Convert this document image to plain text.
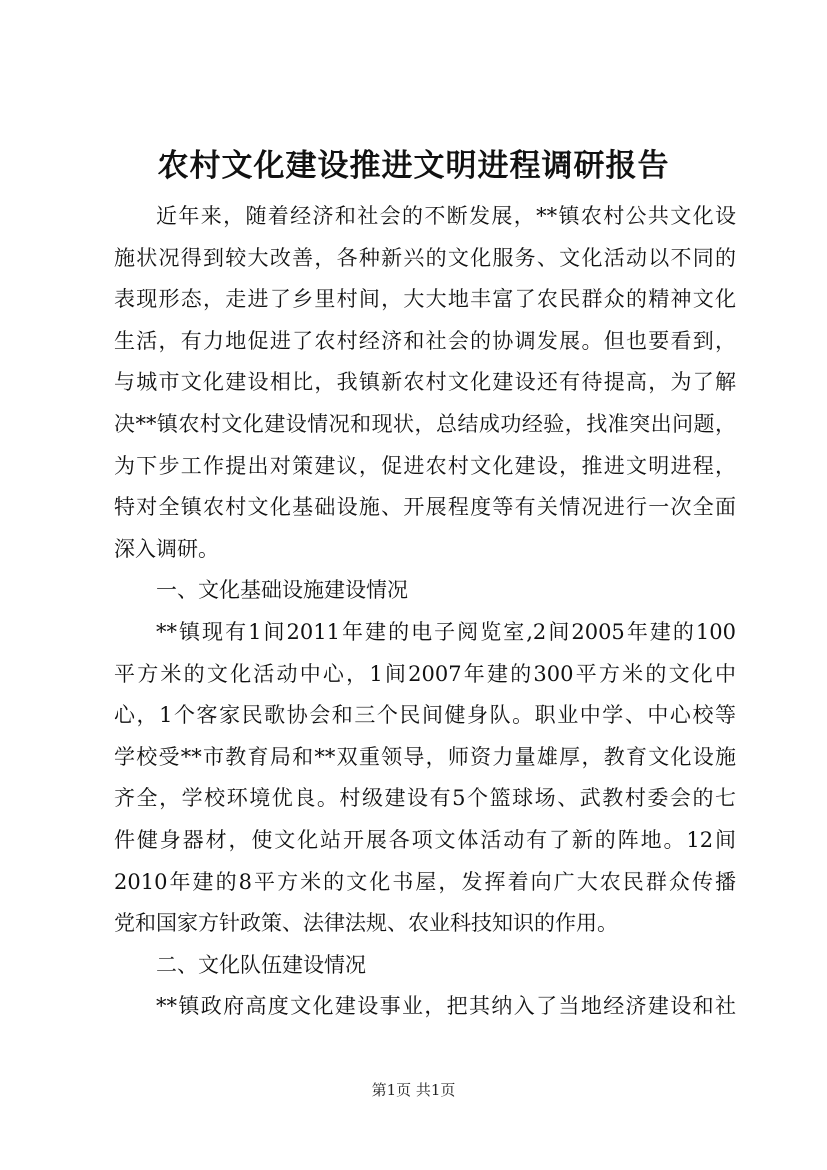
农村文化建设推进文明进程调研报告
近年来，随着经济和社会的不断发展，**镇农村公共文化设
施状况得到较大改善，各种新兴的文化服务、文化活动以不同的
表现形态，走进了乡里村间，大大地丰富了农民群众的精神文化
生活，有力地促进了农村经济和社会的协调发展。但也要看到，
与城市文化建设相比，我镇新农村文化建设还有待提高，为了解
决**镇农村文化建设情况和现状，总结成功经验，找准突出问题，
为下步工作提出对策建议，促进农村文化建设，推进文明进程，
特对全镇农村文化基础设施、开展程度等有关情况进行一次全面
深入调研。
一、文化基础设施建设情况
**镇现有1间2011年建的电子阅览室,2间2005年建的100
平方米的文化活动中心，1间2007年建的300平方米的文化中
心，1个客家民歌协会和三个民间健身队。职业中学、中心校等
学校受**市教育局和**双重领导，师资力量雄厚，教育文化设施
齐全，学校环境优良。村级建设有5个篮球场、武教村委会的七
件健身器材，使文化站开展各项文体活动有了新的阵地。12间
2010年建的8平方米的文化书屋，发挥着向广大农民群众传播
党和国家方针政策、法律法规、农业科技知识的作用。
二、文化队伍建设情况
**镇政府高度文化建设事业，把其纳入了当地经济建设和社
第1页 共1页
